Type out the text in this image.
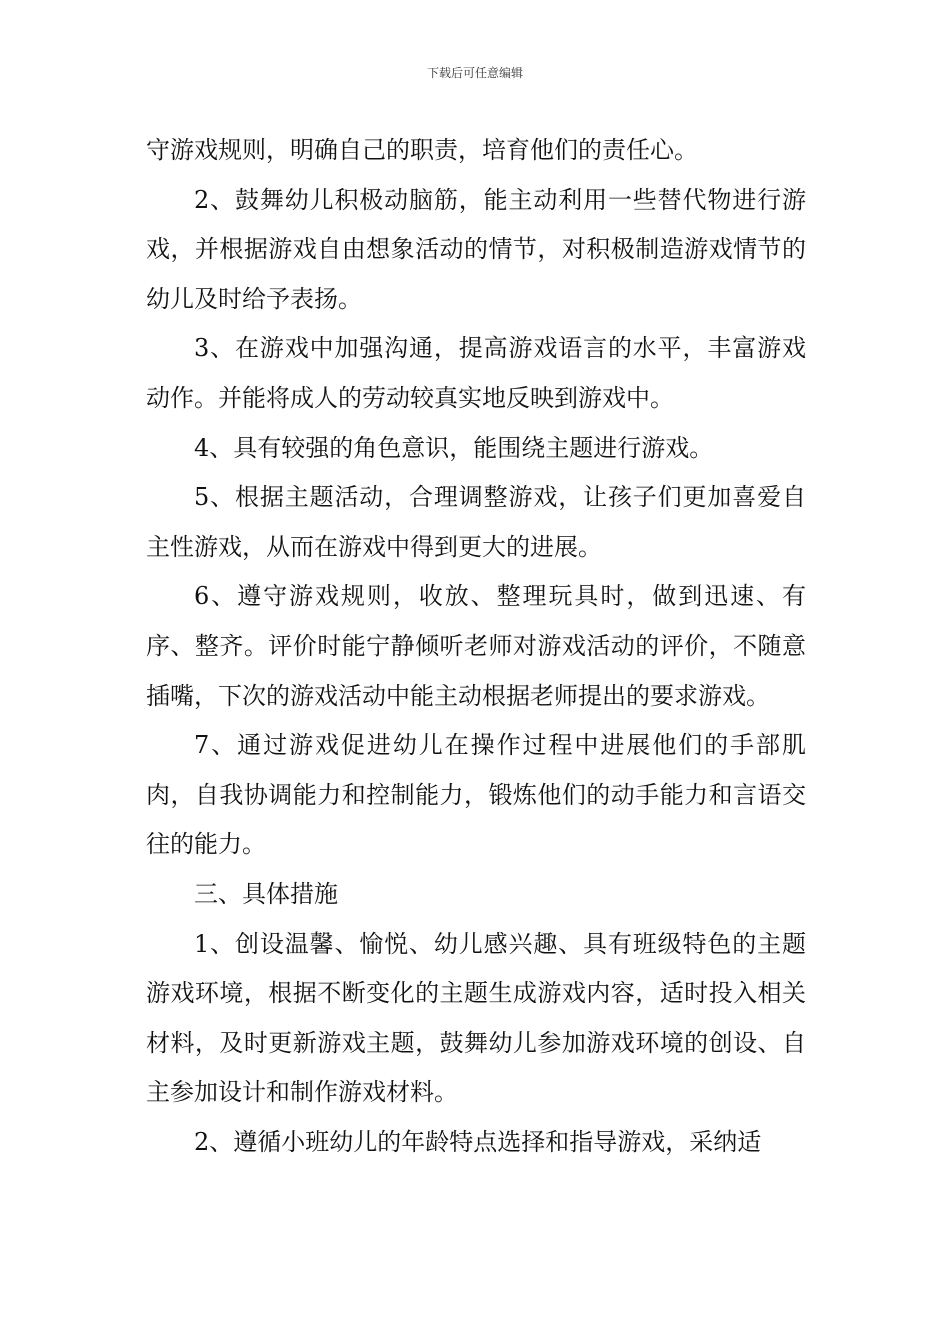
下载后可任意编辑

守游戏规则，明确自己的职责，培育他们的责任心。

2、鼓舞幼儿积极动脑筋，能主动利用一些替代物进行游戏，并根据游戏自由想象活动的情节，对积极制造游戏情节的幼儿及时给予表扬。

3、在游戏中加强沟通，提高游戏语言的水平，丰富游戏动作。并能将成人的劳动较真实地反映到游戏中。

4、具有较强的角色意识，能围绕主题进行游戏。

5、根据主题活动，合理调整游戏，让孩子们更加喜爱自主性游戏，从而在游戏中得到更大的进展。

6、遵守游戏规则，收放、整理玩具时，做到迅速、有序、整齐。评价时能宁静倾听老师对游戏活动的评价，不随意插嘴，下次的游戏活动中能主动根据老师提出的要求游戏。

7、通过游戏促进幼儿在操作过程中进展他们的手部肌肉，自我协调能力和控制能力，锻炼他们的动手能力和言语交往的能力。

三、具体措施

1、创设温馨、愉悦、幼儿感兴趣、具有班级特色的主题游戏环境，根据不断变化的主题生成游戏内容，适时投入相关材料，及时更新游戏主题，鼓舞幼儿参加游戏环境的创设、自主参加设计和制作游戏材料。

2、遵循小班幼儿的年龄特点选择和指导游戏，采纳适
